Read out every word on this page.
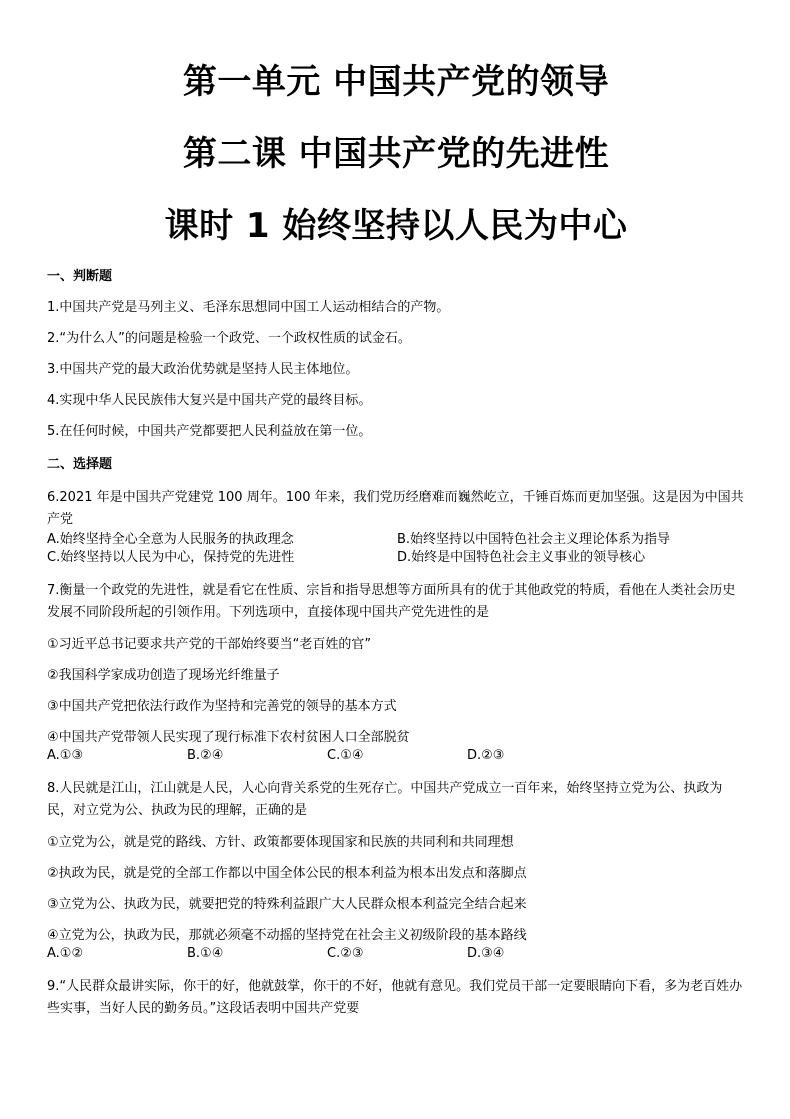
第一单元 中国共产党的领导
第二课 中国共产党的先进性
课时 1 始终坚持以人民为中心
一、判断题

1.中国共产党是马列主义、毛泽东思想同中国工人运动相结合的产物。

2.“为什么人”的问题是检验一个政党、一个政权性质的试金石。

3.中国共产党的最大政治优势就是坚持人民主体地位。

4.实现中华人民民族伟大复兴是中国共产党的最终目标。

5.在任何时候，中国共产党都要把人民利益放在第一位。

二、选择题

6.2021 年是中国共产党建党 100 周年。100 年来，我们党历经磨难而巍然屹立，千锤百炼而更加坚强。这是因为中国共产党

A.始终坚持全心全意为人民服务的执政理念	B.始终坚持以中国特色社会主义理论体系为指导
C.始终坚持以人民为中心，保持党的先进性	D.始终是中国特色社会主义事业的领导核心

7.衡量一个政党的先进性，就是看它在性质、宗旨和指导思想等方面所具有的优于其他政党的特质，看他在人类社会历史发展不同阶段所起的引领作用。下列选项中，直接体现中国共产党先进性的是

①习近平总书记要求共产党的干部始终要当“老百姓的官”

②我国科学家成功创造了现场光纤维量子

③中国共产党把依法行政作为坚持和完善党的领导的基本方式

④中国共产党带领人民实现了现行标准下农村贫困人口全部脱贫

A.①③	B.②④	C.①④	D.②③

8.人民就是江山，江山就是人民，人心向背关系党的生死存亡。中国共产党成立一百年来，始终坚持立党为公、执政为民，对立党为公、执政为民的理解，正确的是

①立党为公，就是党的路线、方针、政策都要体现国家和民族的共同利和共同理想

②执政为民，就是党的全部工作都以中国全体公民的根本利益为根本出发点和落脚点

③立党为公、执政为民，就要把党的特殊利益跟广大人民群众根本利益完全结合起来

④立党为公，执政为民，那就必须毫不动摇的坚持党在社会主义初级阶段的基本路线

A.①②	B.①④	C.②③	D.③④

9.“人民群众最讲实际，你干的好，他就鼓掌，你干的不好，他就有意见。我们党员干部一定要眼睛向下看，多为老百姓办些实事，当好人民的勤务员。”这段话表明中国共产党要
